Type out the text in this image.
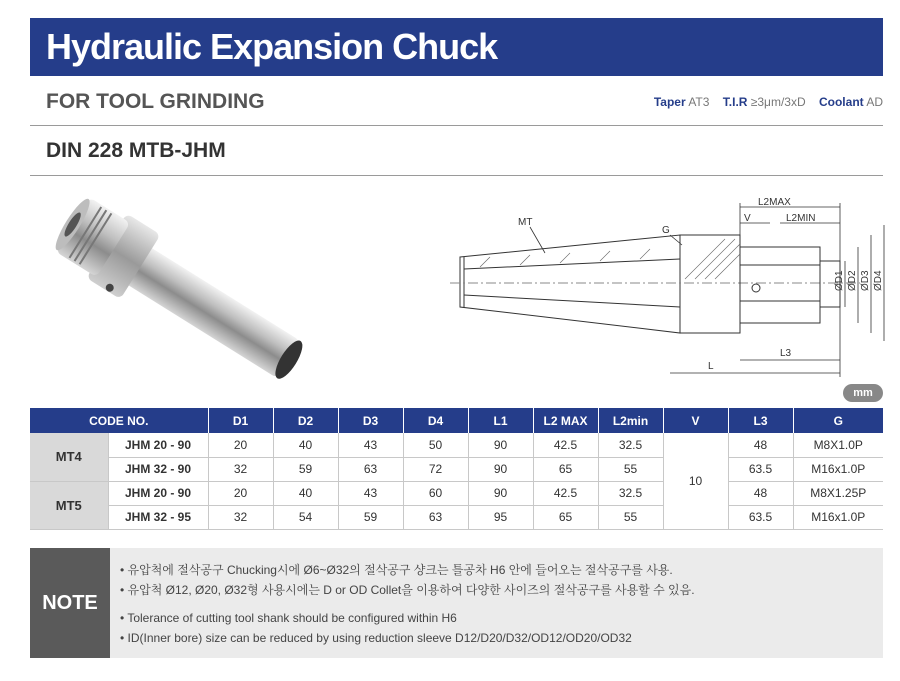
Hydraulic Expansion Chuck
FOR TOOL GRINDING	Taper AT3 T.I.R ≥3μm/3xD Coolant AD
DIN 228 MTB-JHM
MT
G
V
L2MAX
L2MIN
L3
L
ØD1 ØD2 ØD3 ØD4
mm
CODE NO.		D1	D2	D3	D4	L1	L2 MAX	L2min	V	L3	G
MT4	JHM 20 - 90	20	40	43	50	90	42.5	32.5	10	48	M8X1.0P
	JHM 32 - 90	32	59	63	72	90	65	55		63.5	M16x1.0P
MT5	JHM 20 - 90	20	40	43	60	90	42.5	32.5		48	M8X1.25P
	JHM 32 - 95	32	54	59	63	95	65	55		63.5	M16x1.0P
NOTE
• 유압척에 절삭공구 Chucking시에 Ø6~Ø32의 절삭공구 샹크는 틀공차 H6 안에 들어오는 절삭공구를 사용.
• 유압척 Ø12, Ø20, Ø32형 사용시에는 D or OD Collet을 이용하여 다양한 사이즈의 절삭공구를 사용할 수 있음.
• Tolerance of cutting tool shank should be configured within H6
• ID(Inner bore) size can be reduced by using reduction sleeve D12/D20/D32/OD12/OD20/OD32
